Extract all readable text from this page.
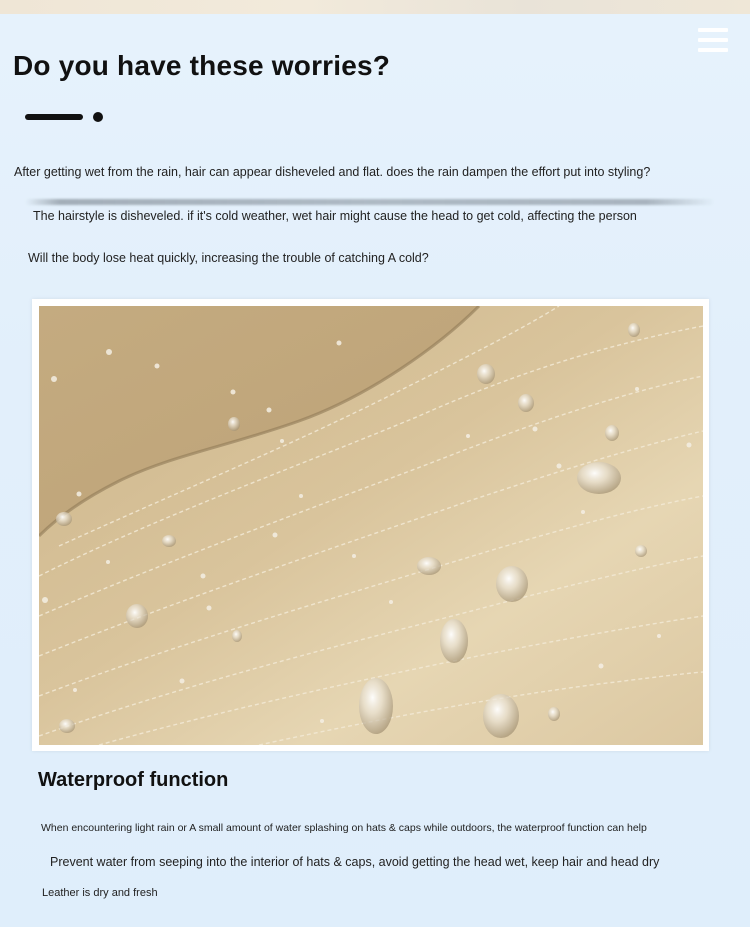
Do you have these worries?

After getting wet from the rain, hair can appear disheveled and flat. does the rain dampen the effort put into styling?

The hairstyle is disheveled. if it's cold weather, wet hair might cause the head to get cold, affecting the person

Will the body lose heat quickly, increasing the trouble of catching A cold?

Waterproof function

When encountering light rain or A small amount of water splashing on hats & caps while outdoors, the waterproof function can help

Prevent water from seeping into the interior of hats & caps, avoid getting the head wet, keep hair and head dry

Leather is dry and fresh
